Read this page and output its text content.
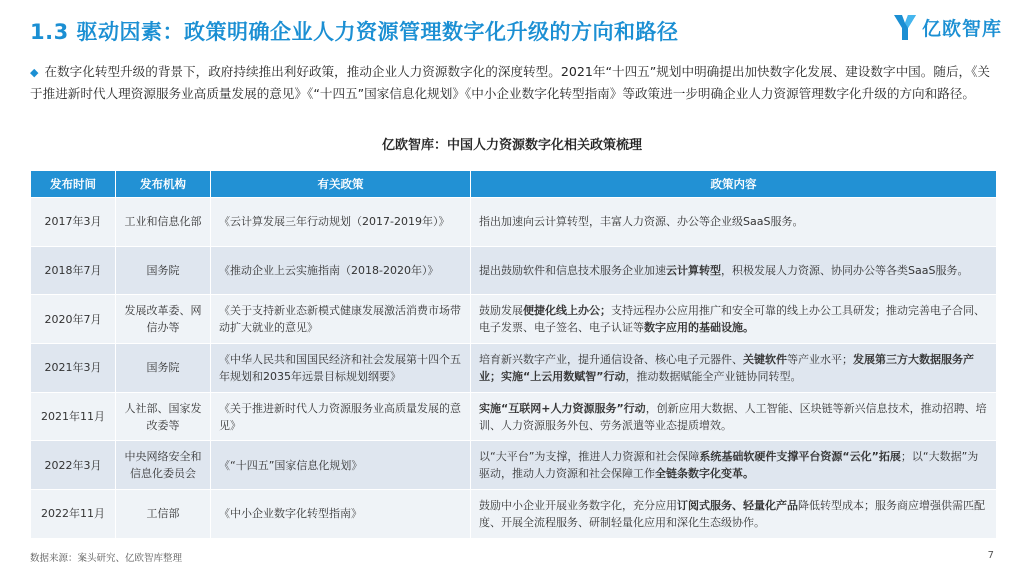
1.3 驱动因素：政策明确企业人力资源管理数字化升级的方向和路径	亿欧智库
◆ 在数字化转型升级的背景下，政府持续推出利好政策，推动企业人力资源数字化的深度转型。2021年“十四五”规划中明确提出加快数字化发展、建设数字中国。随后，《关于推进新时代人理资源服务业高质量发展的意见》《“十四五”国家信息化规划》《中小企业数字化转型指南》等政策进一步明确企业人力资源管理数字化升级的方向和路径。
亿欧智库：中国人力资源数字化相关政策梳理
发布时间	发布机构	有关政策	政策内容
2017年3月	工业和信息化部	《云计算发展三年行动规划（2017-2019年）》	指出加速向云计算转型，丰富人力资源、办公等企业级SaaS服务。
2018年7月	国务院	《推动企业上云实施指南（2018-2020年）》	提出鼓励软件和信息技术服务企业加速云计算转型，积极发展人力资源、协同办公等各类SaaS服务。
2020年7月	发展改革委、网信办等	《关于支持新业态新模式健康发展激活消费市场带动扩大就业的意见》	鼓励发展便捷化线上办公；支持远程办公应用推广和安全可靠的线上办公工具研发；推动完善电子合同、电子发票、电子签名、电子认证等数字应用的基础设施。
2021年3月	国务院	《中华人民共和国国民经济和社会发展第十四个五年规划和2035年远景目标规划纲要》	培育新兴数字产业，提升通信设备、核心电子元器件、关键软件等产业水平；发展第三方大数据服务产业；实施“上云用数赋智”行动，推动数据赋能全产业链协同转型。
2021年11月	人社部、国家发改委等	《关于推进新时代人力资源服务业高质量发展的意见》	实施“互联网+人力资源服务”行动，创新应用大数据、人工智能、区块链等新兴信息技术，推动招聘、培训、人力资源服务外包、劳务派遣等业态提质增效。
2022年3月	中央网络安全和信息化委员会	《“十四五”国家信息化规划》	以“大平台”为支撑，推进人力资源和社会保障系统基础软硬件支撑平台资源“云化”拓展；以“大数据”为驱动，推动人力资源和社会保障工作全链条数字化变革。
2022年11月	工信部	《中小企业数字化转型指南》	鼓励中小企业开展业务数字化，充分应用订阅式服务、轻量化产品降低转型成本；服务商应增强供需匹配度、开展全流程服务、研制轻量化应用和深化生态级协作。
数据来源：案头研究、亿欧智库整理	7
